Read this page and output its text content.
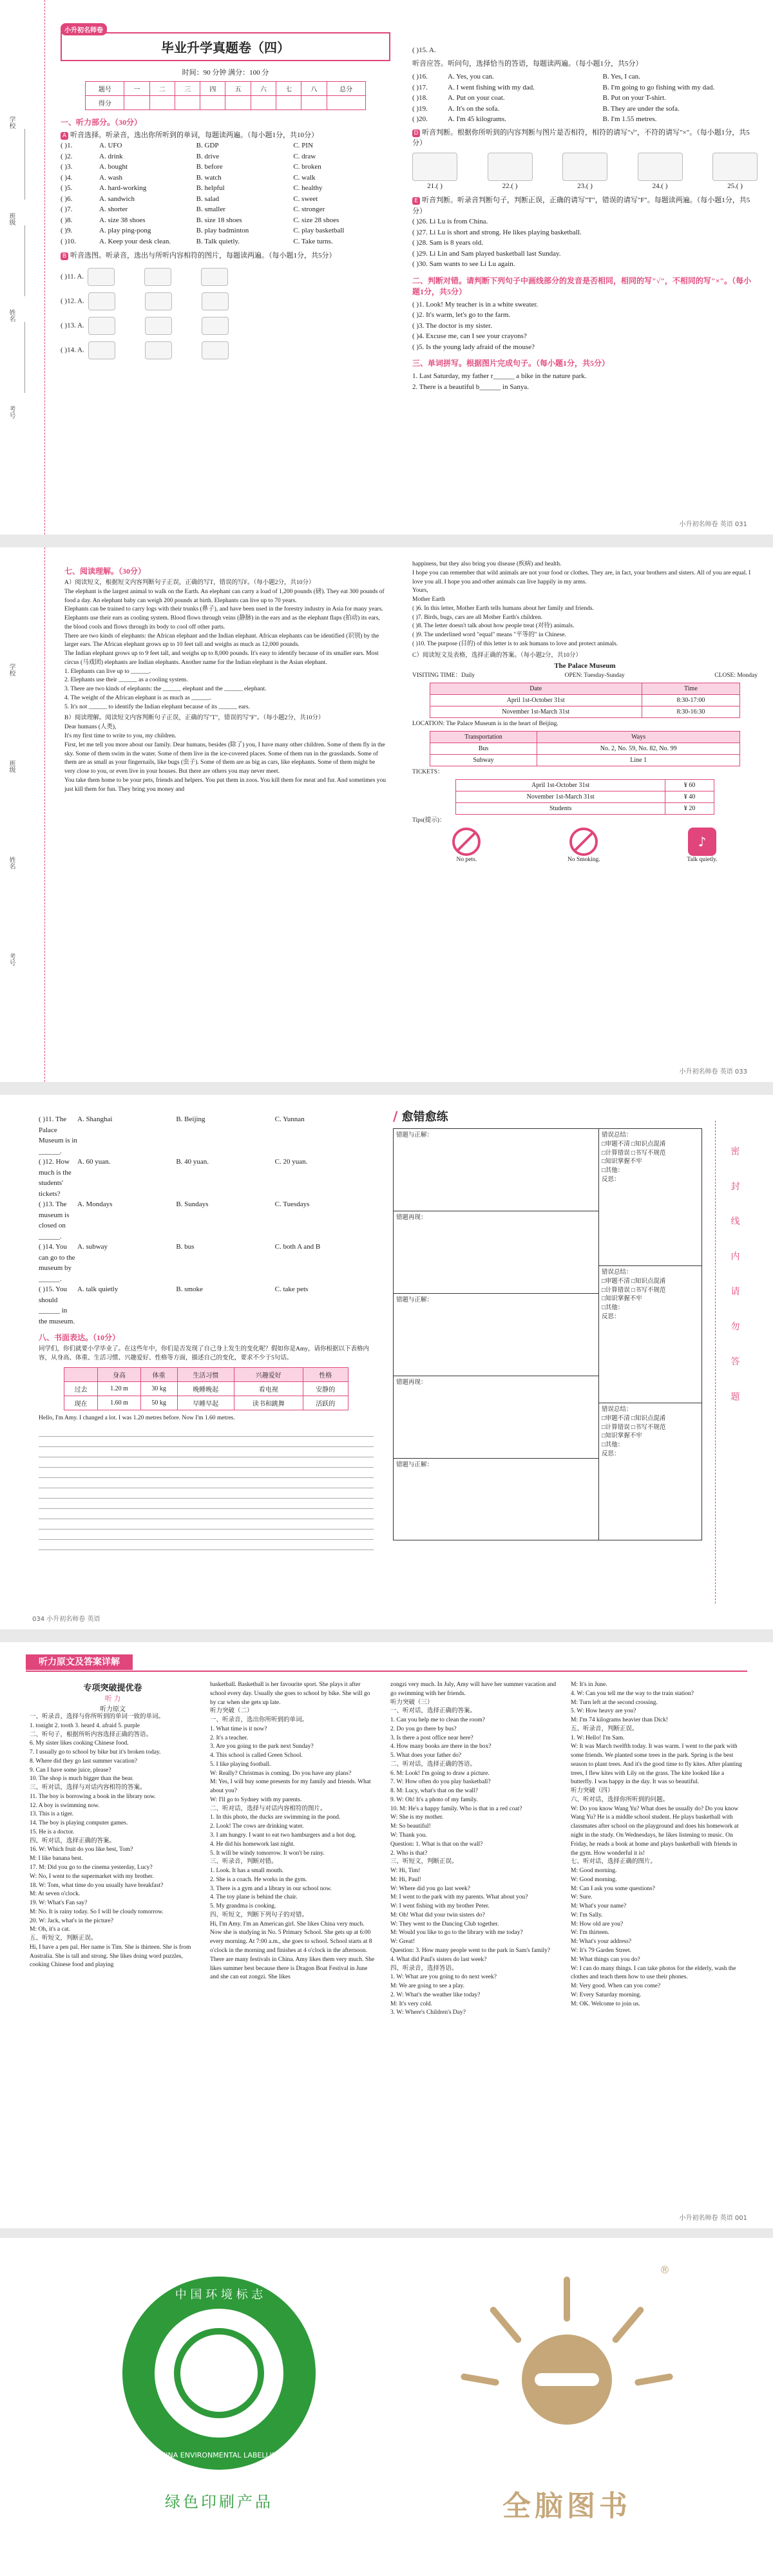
学校
班级
姓名
考号
小升初名师卷
毕业升学真题卷（四）
时间：90 分钟 满分：100 分
题号	一	二	三	四	五	六	七	八	总分
得分									
一、听力部分。（30分）
A 听音选择。听录音，选出你所听到的单词，每题读两遍。（每小题1分，共10分）
( )1.	A. UFO	B. GDP	C. PIN
( )2.	A. drink	B. drive	C. draw
( )3.	A. bought	B. before	C. broken
( )4.	A. wash	B. watch	C. walk
( )5.	A. hard-working	B. helpful	C. healthy
( )6.	A. sandwich	B. salad	C. sweet
( )7.	A. shorter	B. smaller	C. stronger
( )8.	A. size 38 shoes	B. size 18 shoes	C. size 28 shoes
( )9.	A. play ping-pong	B. play badminton	C. play basketball
( )10.	A. Keep your desk clean.	B. Talk quietly.	C. Take turns.
B 听音选图。听录音，选出与所听内容相符的图片，每题读两遍。（每小题1分，共5分）
( )11. A.
( )12. A.
( )13. A.
( )14. A.
( )15. A.
听音应答。听问句，选择恰当的答语，每题读两遍。（每小题1分，共5分）
( )16.	A. Yes, you can.	B. Yes, I can.
( )17.	A. I went fishing with my dad.	B. I'm going to go fishing with my dad.
( )18.	A. Put on your coat.	B. Put on your T-shirt.
( )19.	A. It's on the sofa.	B. They are under the sofa.
( )20.	A. I'm 45 kilograms.	B. I'm 1.55 metres.
D 听音判断。根据你所听到的内容判断与图片是否相符，相符的请写"√"，不符的请写"×"。（每小题1分，共5分）
21.( )	22.( )	23.( )	24.( )	25.( )
E 听音判断。听录音判断句子，判断正误，正确的请写"T"，错误的请写"F"。每题读两遍。（每小题1分，共5分）
( )26. Li Lu is from China.
( )27. Li Lu is short and strong. He likes playing basketball.
( )28. Sam is 8 years old.
( )29. Li Lin and Sam played basketball last Sunday.
( )30. Sam wants to see Li Lu again.
二、判断对错。请判断下列句子中画线部分的发音是否相同，相同的写"√"，不相同的写"×"。（每小题1分，共5分）
( )1. Look! My teacher is in a white sweater.
( )2. It's warm, let's go to the farm.
( )3. The doctor is my sister.
( )4. Excuse me, can I see your crayons?
( )5. Is the young lady afraid of the mouse?
三、单词拼写。根据图片完成句子。（每小题1分，共5分）
1. Last Saturday, my father r______ a bike in the nature park.
2. There is a beautiful b______ in Sanya.
小升初名师卷 英语 031
学校
班级
姓名
考号
七、阅读理解。（30分）
A）阅读短文，根据短文内容判断句子正误，正确的写T，错误的写F。（每小题2分，共10分）
The elephant is the largest animal to walk on the Earth. An elephant can carry a load of 1,200 pounds (磅). They eat 300 pounds of food a day. An elephant baby can weigh 200 pounds at birth. Elephants can live up to 70 years.
Elephants can be trained to carry logs with their trunks (鼻子), and have been used in the forestry industry in Asia for many years.
Elephants use their ears as cooling system. Blood flows through veins (静脉) in the ears and as the elephant flaps (拍动) its ears, the blood cools and flows through its body to cool off other parts.
There are two kinds of elephants: the African elephant and the Indian elephant. African elephants can be identified (识别) by the larger ears. The African elephant grows up to 10 feet tall and weighs as much as 12,000 pounds.
The Indian elephant grows up to 9 feet tall, and weighs up to 8,000 pounds. It's easy to identify because of its smaller ears. Most circus (马戏团) elephants are Indian elephants. Another name for the Indian elephant is the Asian elephant.
1. Elephants can live up to ______.
2. Elephants use their ______ as a cooling system.
3. There are two kinds of elephants: the ______ elephant and the ______ elephant.
4. The weight of the African elephant is as much as ______.
5. It's not ______ to identify the Indian elephant because of its ______ ears.
B）阅读理解。阅读短文内容判断句子正误，正确的写"T"，错误的写"F"。（每小题2分，共10分）
Dear humans (人类),
It's my first time to write to you, my children.
First, let me tell you more about our family. Dear humans, besides (除了) you, I have many other children. Some of them fly in the sky. Some of them swim in the water. Some of them live in the ice-covered places. Some of them run in the grasslands. Some of them are as small as your fingernails, like bugs (虫子). Some of them are as big as cars, like elephants. Some of them might be very close to you, or even live in your houses. But there are others you may never meet.
You take them home to be your pets, friends and helpers. You put them in zoos. You kill them for meat and fur. And sometimes you just kill them for fun. They bring you money and
happiness, but they also bring you disease (疾病) and health.
I hope you can remember that wild animals are not your food or clothes. They are, in fact, your brothers and sisters. All of you are equal. I love you all. I hope you and other animals can live happily in my arms.
Yours,
Mother Earth
( )6. In this letter, Mother Earth tells humans about her family and friends.
( )7. Birds, bugs, cars are all Mother Earth's children.
( )8. The letter doesn't talk about how people treat (对待) animals.
( )9. The underlined word "equal" means "平等的" in Chinese.
( )10. The purpose (目的) of this letter is to ask humans to love and protect animals.
C）阅读短文及表格，选择正确的答案。（每小题2分，共10分）
The Palace Museum
VISITING TIME：Daily	OPEN: Tuesday-Sunday	CLOSE: Monday
Date	Time
April 1st-October 31st	8:30-17:00
November 1st-March 31st	8:30-16:30
LOCATION: The Palace Museum is in the heart of Beijing.
Transportation	Ways
Bus	No. 2, No. 59, No. 82, No. 99
Subway	Line 1
TICKETS：
April 1st-October 31st	¥ 60
November 1st-March 31st	¥ 40
Students	¥ 20
Tips(提示)：
No pets.	No Smoking.
♪
Talk quietly.
小升初名师卷 英语 033
( )11. The Palace Museum is in ______.
A. Shanghai	B. Beijing	C. Yunnan
( )12. How much is the students' tickets?
A. 60 yuan.	B. 40 yuan.	C. 20 yuan.
( )13. The museum is closed on ______.
A. Mondays	B. Sundays	C. Tuesdays
( )14. You can go to the museum by ______.
A. subway	B. bus	C. both A and B
( )15. You should ______ in the museum.
A. talk quietly	B. smoke	C. take pets
八、书面表达。（10分）
同学们，你们就要小学毕业了。在这些年中，你们是否发现了自己身上发生的变化呢？假如你是Amy，请你根据以下表格内容，从身高、体重、生活习惯、兴趣爱好、性格等方面，描述自己的变化，要求不少于5句话。
	身高	体重	生活习惯	兴趣爱好	性格
过去	1.20 m	30 kg	晚睡晚起	看电视	安静的
现在	1.60 m	50 kg	早睡早起	读书和跳舞	活跃的
Hello, I'm Amy. I changed a lot. I was 1.20 metres before. Now I'm 1.60 metres.
∕ 愈错愈练
错题与正解：
错题再现：
错题与正解：
错题再现：
错题与正解：
错误总结：
□审题不清 □知识点混淆
□计算错误 □书写不规范
□知识掌握不牢
□其他：
反思：
错误总结：
□审题不清 □知识点混淆
□计算错误 □书写不规范
□知识掌握不牢
□其他：
反思：
错误总结：
□审题不清 □知识点混淆
□计算错误 □书写不规范
□知识掌握不牢
□其他：
反思：
密 封 线 内 请 勿 答 题
034 小升初名师卷 英语
听力原文及答案详解
专项突破提优卷
听 力
听力原文
一、听录音，选择与你所听到的单词一致的单词。
1. tonight 2. tooth 3. heard 4. afraid 5. purple
二、听句子，根据所听内容选择正确的答语。
6. My sister likes cooking Chinese food.
7. I usually go to school by bike but it's broken today.
8. Where did they go last summer vacation?
9. Can I have some juice, please?
10. The shop is much bigger than the bear.
三、听对话，选择与对话内容相符的答案。
11. The boy is borrowing a book in the library now.
12. A boy is swimming now.
13. This is a tiger.
14. The boy is playing computer games.
15. He is a doctor.
四、听对话，选择正确的答案。
16. W: Which fruit do you like best, Tom?
M: I like banana best.
17. M: Did you go to the cinema yesterday, Lucy?
W: No, I went to the supermarket with my brother.
18. W: Tom, what time do you usually have breakfast?
M: At seven o'clock.
19. W: What's Fan say?
M: No. It is rainy today. So I will be cloudy tomorrow.
20. W: Jack, what's in the picture?
M: Oh, it's a cat.
五、听短文，判断正误。
Hi, I have a pen pal. Her name is Tim. She is thirteen. She is from Australia. She is tall and strong. She likes doing word puzzles, cooking Chinese food and playing
basketball. Basketball is her favourite sport. She plays it after school every day. Usually she goes to school by bike. She will go by car when she gets up late.
听力突破（二）
一、听录音，选出你所听到的单词。
1. What time is it now?
2. It's a teacher.
3. Are you going to the park next Sunday?
4. This school is called Green School.
5. I like playing football.
W: Really? Christmas is coming. Do you have any plans?
M: Yes, I will buy some presents for my family and friends. What about you?
W: I'll go to Sydney with my parents.
二、听对话，选择与对话内容相符的图片。
1. In this photo, the ducks are swimming in the pond.
2. Look! The cows are drinking water.
3. I am hungry. I want to eat two hamburgers and a hot dog.
4. He did his homework last night.
5. It will be windy tomorrow. It won't be rainy.
三、听录音，判断对错。
1. Look. It has a small mouth.
2. She is a coach. He works in the gym.
3. There is a gym and a library in our school now.
4. The toy plane is behind the chair.
5. My grandma is cooking.
四、听短文，判断下列句子的对错。
Hi, I'm Amy. I'm an American girl. She likes China very much. Now she is studying in No. 5 Primary School. She gets up at 6:00 every morning. At 7:00 a.m., she goes to school. School starts at 8 o'clock in the morning and finishes at 4 o'clock in the afternoon. There are many festivals in China. Amy likes them very much. She likes summer best because there is Dragon Boat Festival in June and she can eat zongzi. She likes
zongzi very much. In July, Amy will have her summer vacation and go swimming with her friends.
听力突破（三）
一、听对话，选择正确的答案。
1. Can you help me to clean the room?
2. Do you go there by bus?
3. Is there a post office near here?
4. How many books are there in the box?
5. What does your father do?
二、听对话，选择正确的答语。
6. M: Look! I'm going to draw a picture.
7. W: How often do you play basketball?
8. M: Lucy, what's that on the wall?
9. W: Oh! It's a photo of my family.
10. M: He's a happy family. Who is that in a red coat?
W: She is my mother.
M: So beautiful!
W: Thank you.
Question: 1. What is that on the wall?
2. Who is that?
三、听短文，判断正误。
W: Hi, Tim!
M: Hi, Paul!
W: Where did you go last week?
M: I went to the park with my parents. What about you?
W: I went fishing with my brother Peter.
M: Oh! What did your twin sisters do?
W: They went to the Dancing Club together.
M: Would you like to go to the library with me today?
W: Great!
Question: 3. How many people went to the park in Sam's family?
4. What did Paul's sisters do last week?
四、听录音，选择答语。
1. W: What are you going to do next week?
M: We are going to see a play.
2. W: What's the weather like today?
M: It's very cold.
3. W: Where's Children's Day?
M: It's in June.
4. W: Can you tell me the way to the train station?
M: Turn left at the second crossing.
5. W: How heavy are you?
M: I'm 74 kilograms heavier than Dick!
五、听录音，判断正误。
1. W: Hello! I'm Sam.
W: It was March twelfth today. It was warm. I went to the park with some friends. We planted some trees in the park. Spring is the best season to plant trees. And it's the good time to fly kites. After planting trees, I flew kites with Lily on the grass. The kite looked like a butterfly. I was happy in the day. It was so beautiful.
听力突破（四）
六、听对话，选择你所听到的问题。
W: Do you know Wang Yu? What does he usually do? Do you know Wang Yu? He is a middle school student. He plays basketball with classmates after school on the playground and does his homework at night in the study. On Wednesdays, he likes listening to music. On Friday, he reads a book at home and plays basketball with friends in the gym. How wonderful it is!
七、听对话，选择正确的图片。
M: Good morning.
W: Good morning.
M: Can I ask you some questions?
W: Sure.
M: What's your name?
W: I'm Sally.
M: How old are you?
W: I'm thirteen.
M: What's your address?
W: It's 79 Garden Street.
M: What things can you do?
W: I can do many things. I can take photos for the elderly, wash the clothes and teach them how to use their phones.
M: Very good. When can you come?
W: Every Saturday morning.
M: OK. Welcome to join us.
小升初名师卷 英语 001
中 国 环 境 标 志
CHINA ENVIRONMENTAL LABELLING
绿色印刷产品
®
全脑图书
